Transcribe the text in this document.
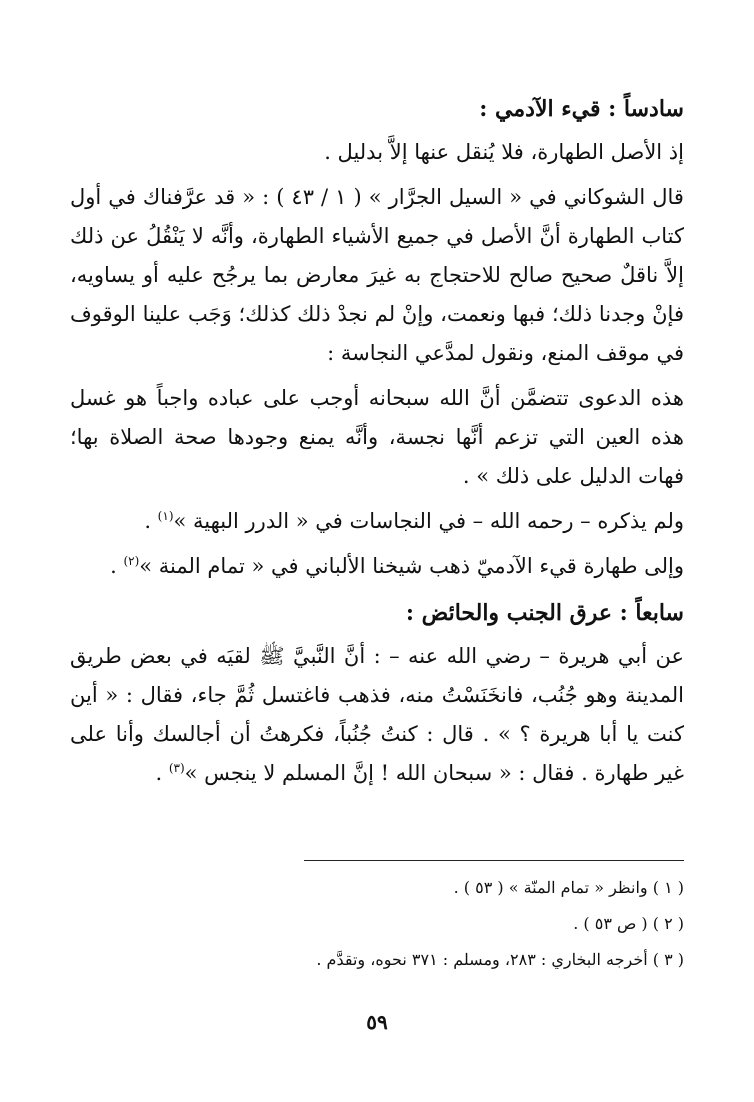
سادساً : قيء الآدمي :

إذ الأصل الطهارة، فلا يُنقل عنها إلاَّ بدليل .

قال الشوكاني في « السيل الجرَّار » ( ١ / ٤٣ ) : « قد عرَّفناك في أول كتاب الطهارة أنَّ الأصل في جميع الأشياء الطهارة، وأنَّه لا يَنْقُلُ عن ذلك إلاَّ ناقلٌ صحيح صالح للاحتجاج به غيرَ معارض بما يرجُح عليه أو يساويه، فإنْ وجدنا ذلك؛ فبها ونعمت، وإنْ لم نجدْ ذلك كذلك؛ وَجَب علينا الوقوف في موقف المنع، ونقول لمدَّعي النجاسة :

هذه الدعوى تتضمَّن أنَّ الله سبحانه أوجب على عباده واجباً هو غسل هذه العين التي تزعم أنَّها نجسة، وأنَّه يمنع وجودها صحة الصلاة بها؛ فهات الدليل على ذلك » .

ولم يذكره – رحمه الله – في النجاسات في « الدرر البهية »$^{(١)}$ .

وإلى طهارة قيء الآدميّ ذهب شيخنا الألباني في « تمام المنة »$^{(٢)}$ .

سابعاً : عرق الجنب والحائض :

عن أبي هريرة – رضي الله عنه – : أنَّ النَّبيَّ ﷺ لقيَه في بعض طريق المدينة وهو جُنُب، فانخَنَسْتُ منه، فذهب فاغتسل ثُمَّ جاء، فقال : « أين كنت يا أبا هريرة ؟ » . قال : كنتُ جُنُباً، فكرهتُ أن أجالسك وأنا على غير طهارة . فقال : « سبحان الله ! إنَّ المسلم لا ينجس »$^{(٣)}$ .

( ١ ) وانظر « تمام المنّة » ( ٥٣ ) .
( ٢ ) ( ص ٥٣ ) .
( ٣ ) أخرجه البخاري : ٢٨٣، ومسلم : ٣٧١ نحوه، وتقدَّم .
٥٩
